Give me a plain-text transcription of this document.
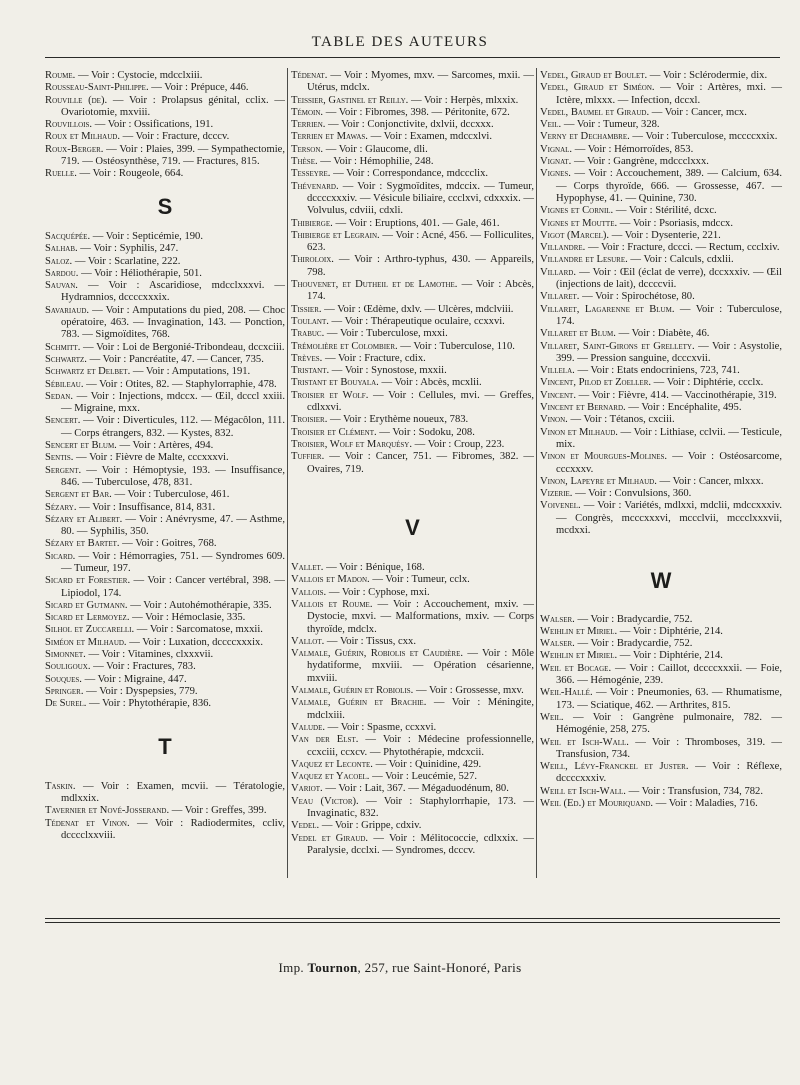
TABLE DES AUTEURS

Roume. — Voir : Cystocie, mdcclxiii.

Rousseau-Saint-Philippe. — Voir : Prépuce, 446.

Rouville (de). — Voir : Prolapsus génital, cclix. — Ovariotomie, mxviii.

Rouvillois. — Voir : Ossifications, 191.

Roux et Milhaud. — Voir : Fracture, dcccv.

Roux-Berger. — Voir : Plaies, 399. — Sympathectomie, 719. — Ostéosynthèse, 719. — Fractures, 815.

Ruelle. — Voir : Rougeole, 664.

S

Sacquépée. — Voir : Septicémie, 190.

Salhab. — Voir : Syphilis, 247.

Saloz. — Voir : Scarlatine, 222.

Sardou. — Voir : Héliothérapie, 501.

Sauvan. — Voir : Ascaridiose, mdcclxxxvi. — Hydramnios, dccccxxxix.

Savariaud. — Voir : Amputations du pied, 208. — Choc opératoire, 463. — Invagination, 143. — Ponction, 783. — Sigmoïdites, 768.

Schmitt. — Voir : Loi de Bergonié-Tribondeau, dccxciii.

Schwartz. — Voir : Pancréatite, 47. — Cancer, 735.

Schwartz et Delbet. — Voir : Amputations, 191.

Sébileau. — Voir : Otites, 82. — Staphylorraphie, 478.

Sedan. — Voir : Injections, mdccx. — Œil, dcccl xxiii. — Migraine, mxx.

Sencert. — Voir : Diverticules, 112. — Mégacôlon, 111. — Corps étrangers, 832. — Kystes, 832.

Sencert et Blum. — Voir : Artères, 494.

Sentis. — Voir : Fièvre de Malte, cccxxxvi.

Sergent. — Voir : Hémoptysie, 193. — Insuffisance, 846. — Tuberculose, 478, 831.

Sergent et Bar. — Voir : Tuberculose, 461.

Sézary. — Voir : Insuffisance, 814, 831.

Sézary et Alibert. — Voir : Anévrysme, 47. — Asthme, 80. — Syphilis, 350.

Sézary et Bartet. — Voir : Goitres, 768.

Sicard. — Voir : Hémorragies, 751. — Syndromes 609. — Tumeur, 197.

Sicard et Forestier. — Voir : Cancer vertébral, 398. — Lipiodol, 174.

Sicard et Gutmann. — Voir : Autohémothérapie, 335.

Sicard et Lermoyez. — Voir : Hémoclasie, 335.

Silhol et Zuccarelli. — Voir : Sarcomatose, mxxii.

Siméon et Milhaud. — Voir : Luxation, dccccxxxix.

Simonnet. — Voir : Vitamines, clxxxvii.

Souligoux. — Voir : Fractures, 783.

Souques. — Voir : Migraine, 447.

Springer. — Voir : Dyspepsies, 779.

De Surel. — Voir : Phytothérapie, 836.

T

Taskin. — Voir : Examen, mcvii. — Tératologie, mdlxxix.

Tavernier et Nové-Josserand. — Voir : Greffes, 399.

Tédenat et Vinon. — Voir : Radiodermites, ccliv, dcccclxxviii.

Tédenat. — Voir : Myomes, mxv. — Sarcomes, mxii. — Utérus, mdclx.

Teissier, Gastinel et Reilly. — Voir : Herpès, mlxxix.

Témoin. — Voir : Fibromes, 398. — Péritonite, 672.

Terrien. — Voir : Conjonctivite, dxlvii, dccxxx.

Terrien et Mawas. — Voir : Examen, mdccxlvi.

Terson. — Voir : Glaucome, dli.

Thèse. — Voir : Hémophilie, 248.

Tesseyre. — Voir : Correspondance, mdccclix.

Thévenard. — Voir : Sygmoïdites, mdccix. — Tumeur, dccccxxxiv. — Vésicule biliaire, ccclxvi, cdxxxix. — Volvulus, cdviii, cdxli.

Thibierge. — Voir : Eruptions, 401. — Gale, 461.

Thibierge et Legrain. — Voir : Acné, 456. — Folliculites, 623.

Thiroloix. — Voir : Arthro-typhus, 430. — Appareils, 798.

Thouvenet, et Dutheil et de Lamothe. — Voir : Abcès, 174.

Tissier. — Voir : Œdème, dxlv. — Ulcères, mdclviii.

Toulant. — Voir : Thérapeutique oculaire, ccxxvi.

Trabuc. — Voir : Tuberculose, mxxi.

Trémolière et Colombier. — Voir : Tuberculose, 110.

Trèves. — Voir : Fracture, cdix.

Tristant. — Voir : Synostose, mxxii.

Tristant et Bouyala. — Voir : Abcès, mcxlii.

Troisier et Wolf. — Voir : Cellules, mvi. — Greffes, cdlxxvi.

Troisier. — Voir : Erythème noueux, 783.

Troisier et Clément. — Voir : Sodoku, 208.

Troisier, Wolf et Marquésy. — Voir : Croup, 223.

Tuffier. — Voir : Cancer, 751. — Fibromes, 382. — Ovaires, 719.

V

Vallet. — Voir : Bénique, 168.

Vallois et Madon. — Voir : Tumeur, cclx.

Vallois. — Voir : Cyphose, mxi.

Vallois et Roume. — Voir : Accouchement, mxiv. — Dystocie, mxvi. — Malformations, mxiv. — Corps thyroïde, mdclx.

Vallot. — Voir : Tissus, cxx.

Valmale, Guérin, Robiolis et Caudière. — Voir : Môle hydatiforme, mxviii. — Opération césarienne, mxviii.

Valmale, Guérin et Robiolis. — Voir : Grossesse, mxv.

Valmale, Guérin et Brachie. — Voir : Méningite, mdclxiii.

Valude. — Voir : Spasme, ccxxvi.

Van der Elst. — Voir : Médecine professionnelle, ccxciii, ccxcv. — Phytothérapie, mdcxcii.

Vaquez et Leconte. — Voir : Quinidine, 429.

Vaquez et Yacoel. — Voir : Leucémie, 527.

Variot. — Voir : Lait, 367. — Mégaduodénum, 80.

Veau (Victor). — Voir : Staphylorrhapie, 173. — Invaginatic, 832.

Vedel. — Voir : Grippe, cdxiv.

Vedel et Giraud. — Voir : Mélitococcie, cdlxxix. — Paralysie, dcclxi. — Syndromes, dcccv.

Vedel, Giraud et Boulet. — Voir : Sclérodermie, dix.

Vedel, Giraud et Siméon. — Voir : Artères, mxi. — Ictère, mlxxx. — Infection, dccxl.

Vedel, Baumel et Giraud. — Voir : Cancer, mcx.

Veil. — Voir : Tumeur, 328.

Verny et Dechambre. — Voir : Tuberculose, mccccxxix.

Vignal. — Voir : Hémorroïdes, 853.

Vignat. — Voir : Gangrène, mdccclxxx.

Vignes. — Voir : Accouchement, 389. — Calcium, 634. — Corps thyroïde, 666. — Grossesse, 467. — Hypophyse, 41. — Quinine, 730.

Vignes et Cornil. — Voir : Stérilité, dcxc.

Vignes et Moutte. — Voir : Psoriasis, mdccx.

Vigot (Marcel). — Voir : Dysenterie, 221.

Villandre. — Voir : Fracture, dccci. — Rectum, ccclxiv.

Villandre et Lesure. — Voir : Calculs, cdxlii.

Villard. — Voir : Œil (éclat de verre), dccxxxiv. — Œil (injections de lait), dccccvii.

Villaret. — Voir : Spirochétose, 80.

Villaret, Lagarenne et Blum. — Voir : Tuberculose, 174.

Villaret et Blum. — Voir : Diabète, 46.

Villaret, Saint-Girons et Grellety. — Voir : Asystolie, 399. — Pression sanguine, dcccxvii.

Villela. — Voir : Etats endocriniens, 723, 741.

Vincent, Pilod et Zoeller. — Voir : Diphtérie, ccclx.

Vincent. — Voir : Fièvre, 414. — Vaccinothérapie, 319.

Vincent et Bernard. — Voir : Encéphalite, 495.

Vinon. — Voir : Tétanos, cxciii.

Vinon et Milhaud. — Voir : Lithiase, cclvii. — Testicule, mix.

Vinon et Mourgues-Molines. — Voir : Ostéosarcome, cccxxxv.

Vinon, Lapeyre et Milhaud. — Voir : Cancer, mlxxx.

Vizerie. — Voir : Convulsions, 360.

Voivenel. — Voir : Variétés, mdlxxi, mdclii, mdccxxxiv. — Congrès, mcccxxxvi, mccclvii, mccclxxxvii, mcdxxi.

W

Walser. — Voir : Bradycardie, 752.

Weihlin et Miriel. — Voir : Diphtérie, 214.

Walser. — Voir : Bradycardie, 752.

Weihlin et Miriel. — Voir : Diphtérie, 214.

Weil et Bocage. — Voir : Caillot, dccccxxxii. — Foie, 366. — Hémogénie, 239.

Weil-Hallé. — Voir : Pneumonies, 63. — Rhumatisme, 173. — Sciatique, 462. — Arthrites, 815.

Weil. — Voir : Gangrène pulmonaire, 782. — Hémogénie, 258, 275.

Weil et Isch-Wall. — Voir : Thromboses, 319. — Transfusion, 734.

Weill, Lévy-Franckel et Juster. — Voir : Réflexe, dccccxxxiv.

Weill et Isch-Wall. — Voir : Transfusion, 734, 782.

Weil (Ed.) et Mouriquand. — Voir : Maladies, 716.

Imp. Tournon, 257, rue Saint-Honoré, Paris
